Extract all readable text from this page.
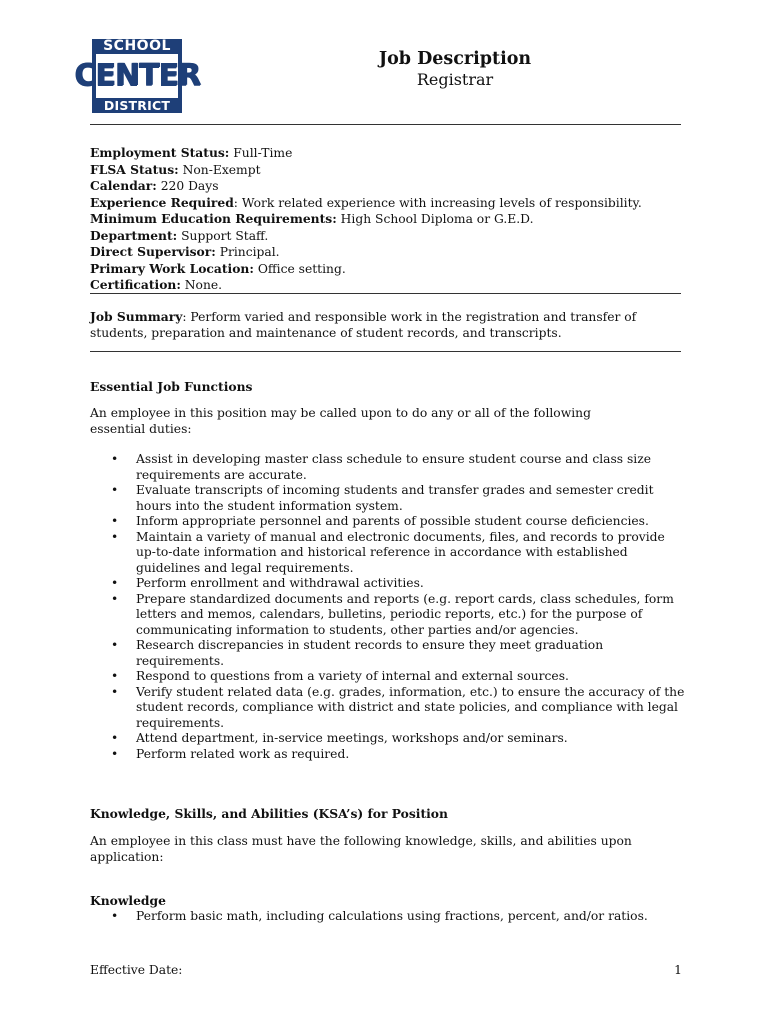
SCHOOL
CENTER
DISTRICT
Job Description
Registrar
Employment Status: Full-Time
FLSA Status: Non-Exempt
Calendar: 220 Days
Experience Required: Work related experience with increasing levels of responsibility.
Minimum Education Requirements: High School Diploma or G.E.D.
Department: Support Staff.
Direct Supervisor: Principal.
Primary Work Location: Office setting.
Certification: None.

Job Summary: Perform varied and responsible work in the registration and transfer of students, preparation and maintenance of student records, and transcripts.

Essential Job Functions
An employee in this position may be called upon to do any or all of the following essential duties:
• Assist in developing master class schedule to ensure student course and class size requirements are accurate.
• Evaluate transcripts of incoming students and transfer grades and semester credit hours into the student information system.
• Inform appropriate personnel and parents of possible student course deficiencies.
• Maintain a variety of manual and electronic documents, files, and records to provide up-to-date information and historical reference in accordance with established guidelines and legal requirements.
• Perform enrollment and withdrawal activities.
• Prepare standardized documents and reports (e.g. report cards, class schedules, form letters and memos, calendars, bulletins, periodic reports, etc.) for the purpose of communicating information to students, other parties and/or agencies.
• Research discrepancies in student records to ensure they meet graduation requirements.
• Respond to questions from a variety of internal and external sources.
• Verify student related data (e.g. grades, information, etc.) to ensure the accuracy of the student records, compliance with district and state policies, and compliance with legal requirements.
• Attend department, in-service meetings, workshops and/or seminars.
• Perform related work as required.
Knowledge, Skills, and Abilities (KSA’s) for Position
An employee in this class must have the following knowledge, skills, and abilities upon application:
Knowledge
• Perform basic math, including calculations using fractions, percent, and/or ratios.
Effective Date:	1
